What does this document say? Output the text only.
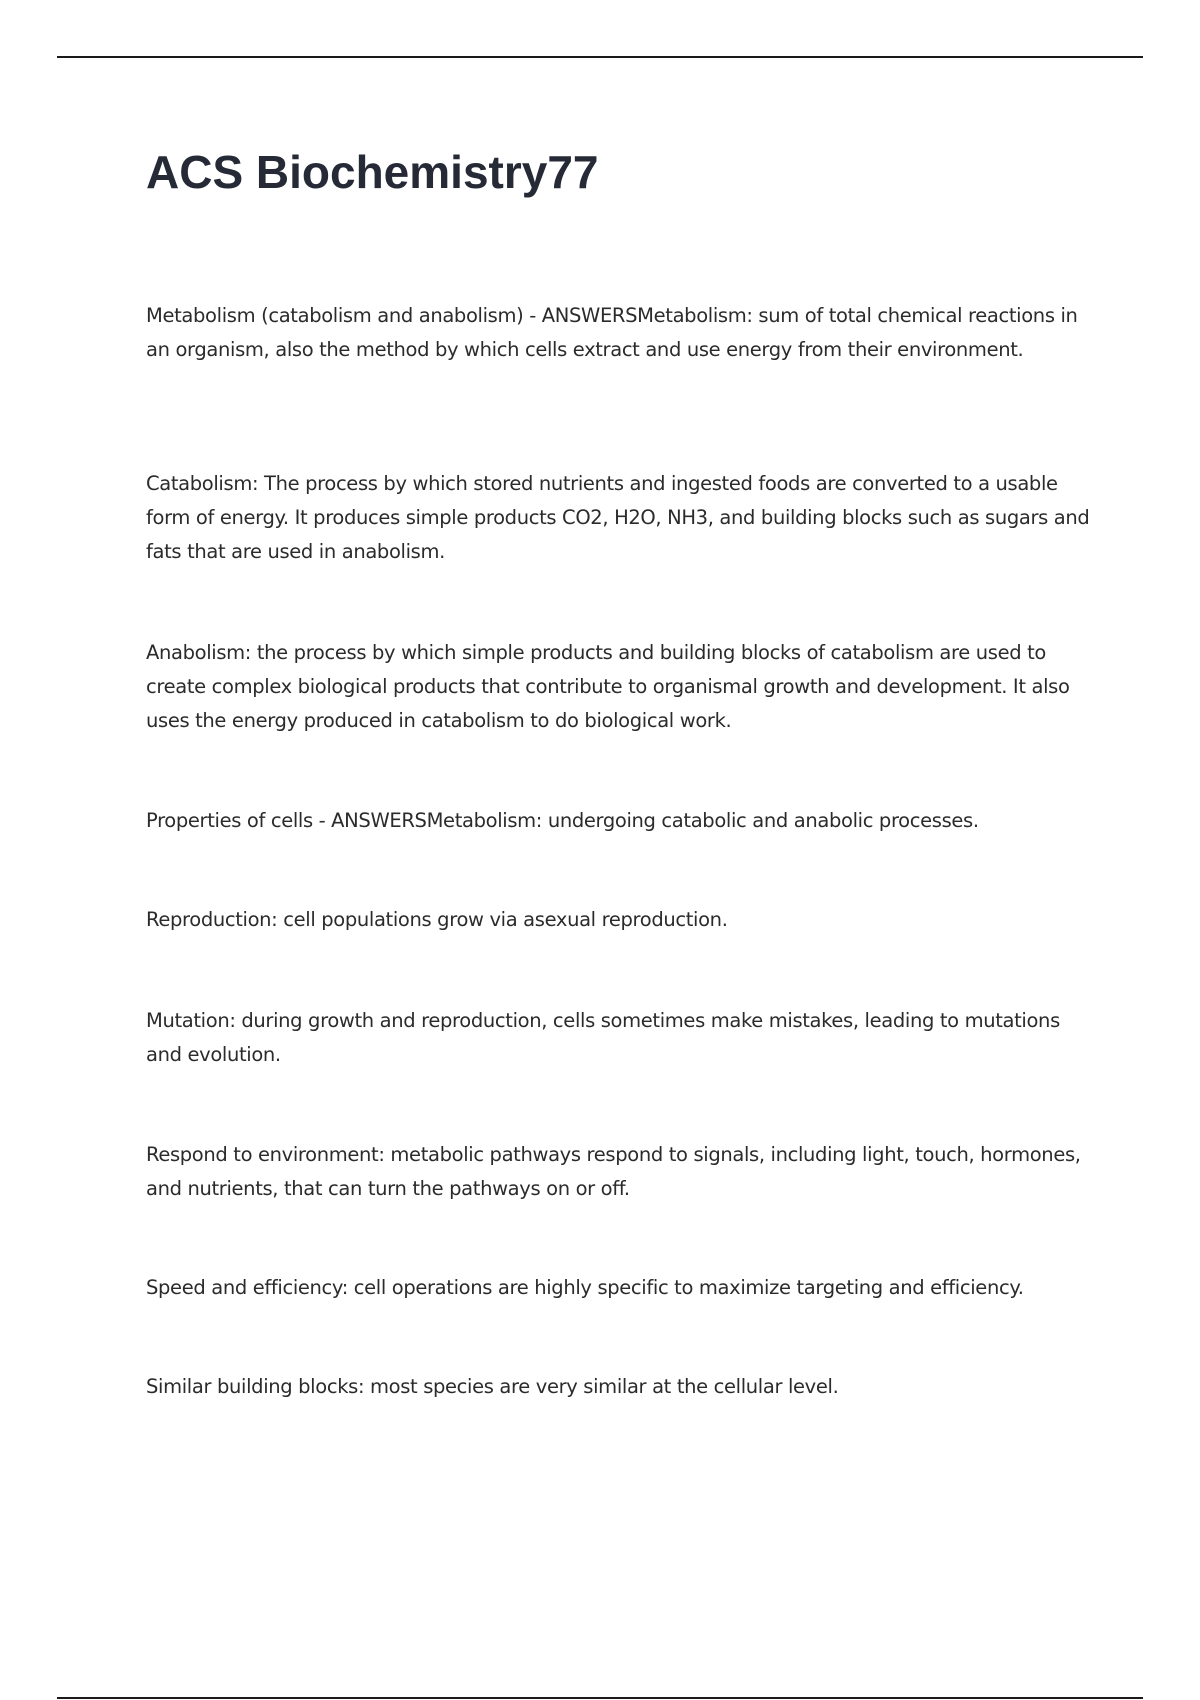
ACS Biochemistry77

Metabolism (catabolism and anabolism) - ANSWERSMetabolism: sum of total chemical reactions in an organism, also the method by which cells extract and use energy from their environment.

Catabolism: The process by which stored nutrients and ingested foods are converted to a usable form of energy. It produces simple products CO2, H2O, NH3, and building blocks such as sugars and fats that are used in anabolism.

Anabolism: the process by which simple products and building blocks of catabolism are used to create complex biological products that contribute to organismal growth and development. It also uses the energy produced in catabolism to do biological work.

Properties of cells - ANSWERSMetabolism: undergoing catabolic and anabolic processes.

Reproduction: cell populations grow via asexual reproduction.

Mutation: during growth and reproduction, cells sometimes make mistakes, leading to mutations and evolution.

Respond to environment: metabolic pathways respond to signals, including light, touch, hormones, and nutrients, that can turn the pathways on or off.

Speed and efficiency: cell operations are highly specific to maximize targeting and efficiency.

Similar building blocks: most species are very similar at the cellular level.
